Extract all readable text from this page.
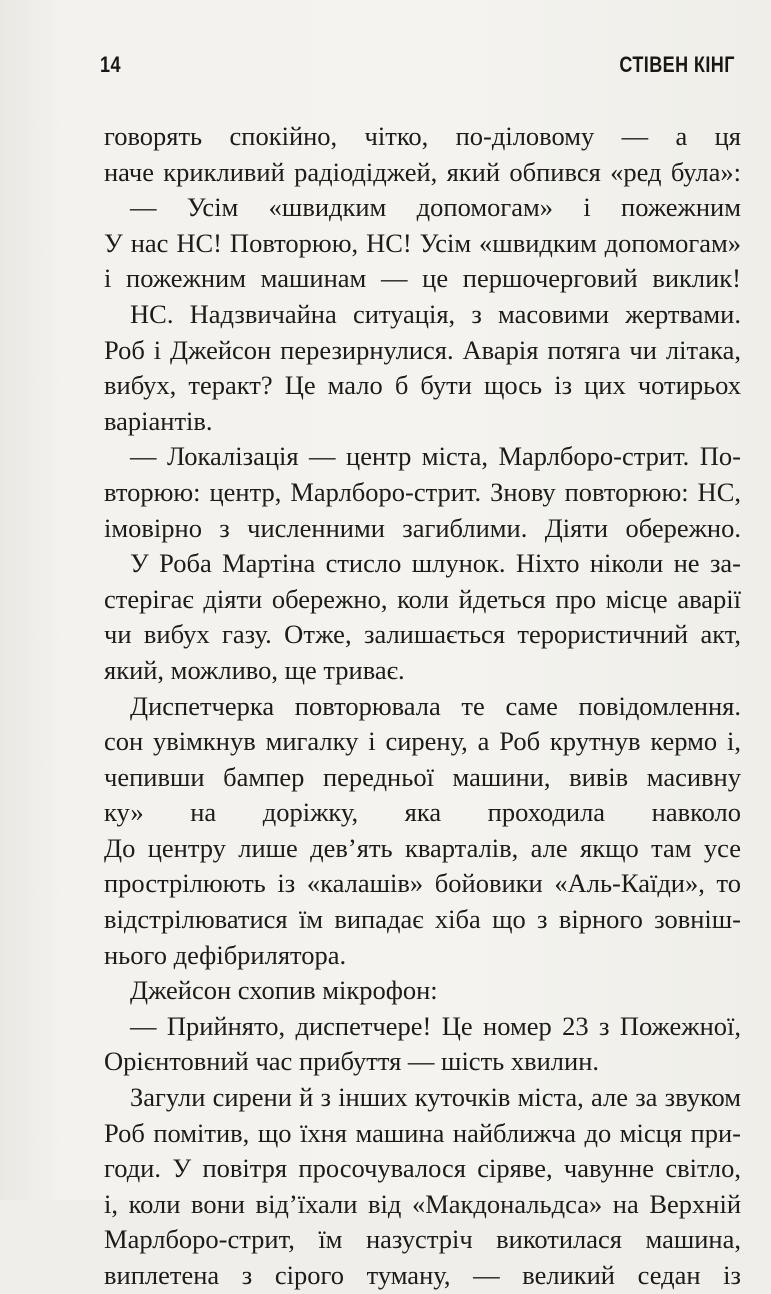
14	СТІВЕН КІНГ
говорять спокійно, чітко, по-діловому — а ця
наче крикливий радіодіджей, який обпився «ред була»:
— Усім «швидким допомогам» і пожежним
У нас НС! Повторюю, НС! Усім «швидким допомогам»
і пожежним машинам — це першочерговий виклик!
НС. Надзвичайна ситуація, з масовими жертвами.
Роб і Джейсон перезирнулися. Аварія потяга чи літака,
вибух, теракт? Це мало б бути щось із цих чотирьох
варіантів.
— Локалізація — центр міста, Марлборо-стрит. По-
вторюю: центр, Марлборо-стрит. Знову повторюю: НС,
імовірно з численними загиблими. Діяти обережно.
У Роба Мартіна стисло шлунок. Ніхто ніколи не за-
стерігає діяти обережно, коли йдеться про місце аварії
чи вибух газу. Отже, залишається терористичний акт,
який, можливо, ще триває.
Диспетчерка повторювала те саме повідомлення.
сон увімкнув мигалку і сирену, а Роб крутнув кермо і,
чепивши бампер передньої машини, вивів масивну
ку» на доріжку, яка проходила навколо
До центру лише дев’ять кварталів, але якщо там усе
прострілюють із «калашів» бойовики «Аль-Каїди», то
відстрілюватися їм випадає хіба що з вірного зовніш-
нього дефібрилятора.
Джейсон схопив мікрофон:
— Прийнято, диспетчере! Це номер 23 з Пожежної,
Орієнтовний час прибуття — шість хвилин.
Загули сирени й з інших куточків міста, але за звуком
Роб помітив, що їхня машина найближча до місця при-
годи. У повітря просочувалося сіряве, чавунне світло,
і, коли вони від’їхали від «Макдональдса» на Верхній
Марлборо-стрит, їм назустріч викотилася машина,
виплетена з сірого туману, — великий седан із
